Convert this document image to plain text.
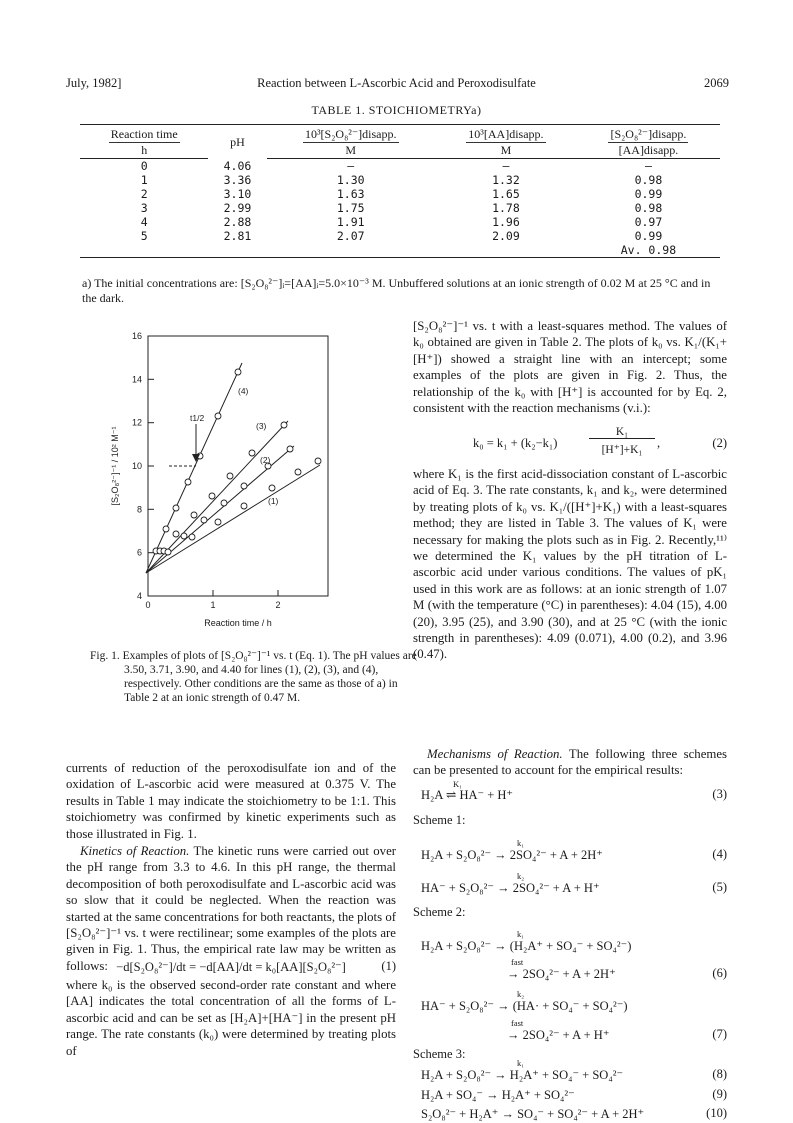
July, 1982]	Reaction between L-Ascorbic Acid and Peroxodisulfate	2069
TABLE 1. STOICHIOMETRYa)
Reaction time	pH	10³[S₂O₈²⁻]disapp.	10³[AA]disapp.	[S₂O₈²⁻]disapp.
h		M	M	[AA]disapp.
0	4.06	—	—	—
1	3.36	1.30	1.32	0.98
2	3.10	1.63	1.65	0.99
3	2.99	1.75	1.78	0.98
4	2.88	1.91	1.96	0.97
5	2.81	2.07	2.09	0.99
				Av. 0.98
a) The initial concentrations are: [S₂O₈²⁻]ᵢ=[AA]ᵢ=5.0×10⁻³ M. Unbuffered solutions at an ionic strength of 0.02 M at 25 °C and in the dark.
4
6
8
10
12
14
16
0	1	2
[S₂O₈²⁻]⁻¹ / 10² M⁻¹
t1/2
(1)
(2)
(3)
(4)
Reaction time / h
Fig. 1. Examples of plots of [S₂O₈²⁻]⁻¹ vs. t (Eq. 1). The pH values are 3.50, 3.71, 3.90, and 4.40 for lines (1), (2), (3), and (4), respectively. Other conditions are the same as those of a) in Table 2 at an ionic strength of 0.47 M.
currents of reduction of the peroxodisulfate ion and of the oxidation of L-ascorbic acid were measured at 0.375 V. The results in Table 1 may indicate the stoichiometry to be 1:1. This stoichiometry was confirmed by kinetic experiments such as those illustrated in Fig. 1.
Kinetics of Reaction. The kinetic runs were carried out over the pH range from 3.3 to 4.6. In this pH range, the thermal decomposition of both peroxodisulfate and L-ascorbic acid was so slow that it could be neglected. When the reaction was started at the same concentrations for both reactants, the plots of [S₂O₈²⁻]⁻¹ vs. t were rectilinear; some examples of the plots are given in Fig. 1. Thus, the empirical rate law may be written as follows: −d[S₂O₈²⁻]/dt = −d[AA]/dt = k₀[AA][S₂O₈²⁻]	(1)
where k₀ is the observed second-order rate constant and where [AA] indicates the total concentration of all the forms of L-ascorbic acid and can be set as [H₂A]+[HA⁻] in the present pH range. The rate constants (k₀) were determined by treating plots of
[S₂O₈²⁻]⁻¹ vs. t with a least-squares method. The values of k₀ obtained are given in Table 2. The plots of k₀ vs. K₁/(K₁+[H⁺]) showed a straight line with an intercept; some examples of the plots are given in Fig. 2. Thus, the relationship of the k₀ with [H⁺] is accounted for by Eq. 2, consistent with the reaction mechanisms (v.i.):
k₀ = k₁ + (k₂−k₁)
K₁
[H⁺]+K₁	,	(2)
where K₁ is the first acid-dissociation constant of L-ascorbic acid of Eq. 3. The rate constants, k₁ and k₂, were determined by treating plots of k₀ vs. K₁/([H⁺]+K₁) with a least-squares method; they are listed in Table 3. The values of K₁ were necessary for making the plots such as in Fig. 2. Recently,¹¹⁾ we determined the K₁ values by the pH titration of L-ascorbic acid under various conditions. The values of pK₁ used in this work are as follows: at an ionic strength of 1.07 M (with the temperature (°C) in parentheses): 4.04 (15), 4.00 (20), 3.95 (25), and 3.90 (30), and at 25 °C (with the ionic strength in parentheses): 4.09 (0.071), 4.00 (0.2), and 3.96 (0.47).
Mechanisms of Reaction. The following three schemes can be presented to account for the empirical results:
K₁
H₂A ⇌ HA⁻ + H⁺	(3)
Scheme 1:
k₁
H₂A + S₂O₈²⁻ → 2SO₄²⁻ + A + 2H⁺	(4)
k₂
HA⁻ + S₂O₈²⁻ → 2SO₄²⁻ + A + H⁺	(5)
Scheme 2:
k₁
H₂A + S₂O₈²⁻ → (H₂A⁺ + SO₄⁻ + SO₄²⁻)
fast
→ 2SO₄²⁻ + A + 2H⁺	(6)
k₂
HA⁻ + S₂O₈²⁻ → (HA· + SO₄⁻ + SO₄²⁻)
fast
→ 2SO₄²⁻ + A + H⁺	(7)
Scheme 3:
k₁
H₂A + S₂O₈²⁻ → H₂A⁺ + SO₄⁻ + SO₄²⁻	(8)
H₂A + SO₄⁻ → H₂A⁺ + SO₄²⁻	(9)
S₂O₈²⁻ + H₂A⁺ → SO₄⁻ + SO₄²⁻ + A + 2H⁺	(10)
